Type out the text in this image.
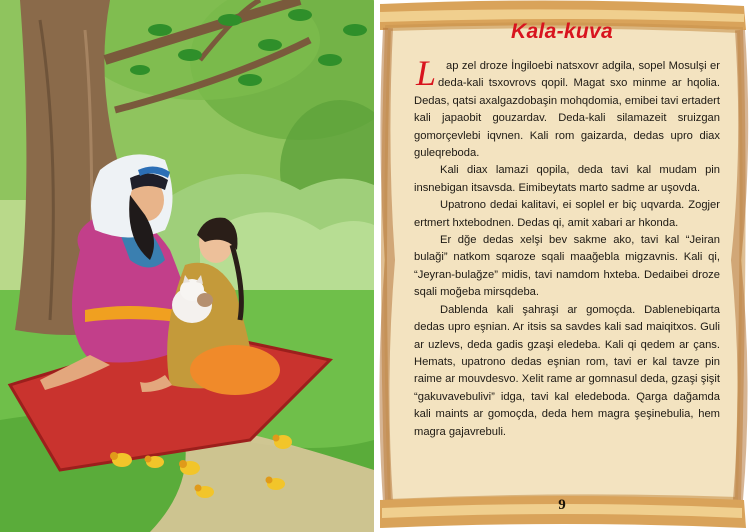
Kala-kuva

Lap zel droze İngiloebi natsxovr adgila, sopel Mosulşi er deda-kali tsxovrovs qopil. Magat sxo minme ar hqolia. Dedas, qatsi axalgazdobaşin mohqdomia, emibei tavi ertadert kali japaobit gouzardav. Deda-kali silamazeit sruizgan gomorçevlebi iqvnen. Kali rom gaizarda, dedas upro diax guleqreboda.

Kali diax lamazi qopila, deda tavi kal mudam pin insnebigan itsavsda. Eimibeytats marto sadme ar uşovda.

Upatrono dedai kalitavi, ei soplel er biç uqvarda. Zogjer ertmert hxtebodnen. Dedas qi, amit xabari ar hkonda.

Er dğe dedas xelşi bev sakme ako, tavi kal “Jeiran bulaği” natkom sqaroze sqali maağebla migzavnis. Kali qi, “Jeyran-bulağze” midis, tavi namdom hxteba. Dedaibei droze sqali moğeba mirsqdeba.

Dablenda kali şahraşi ar gomoçda. Dablenebiqarta dedas upro eşnian. Ar itsis sa savdes kali sad maiqitxos. Guli ar uzlevs, deda gadis gzaşi eledeba. Kali qi qedem ar çans. Hemats, upatrono dedas eşnian rom, tavi er kal tavze pin raime ar mouvdesvo. Xelit rame ar gomnasul deda, gzaşi şişit “gakuvavebulivi” idga, tavi kal eledeboda. Qarga dağamda kali maints ar gomoçda, deda hem magra şeşinebulia, hem magra gajavrebuli.

9
